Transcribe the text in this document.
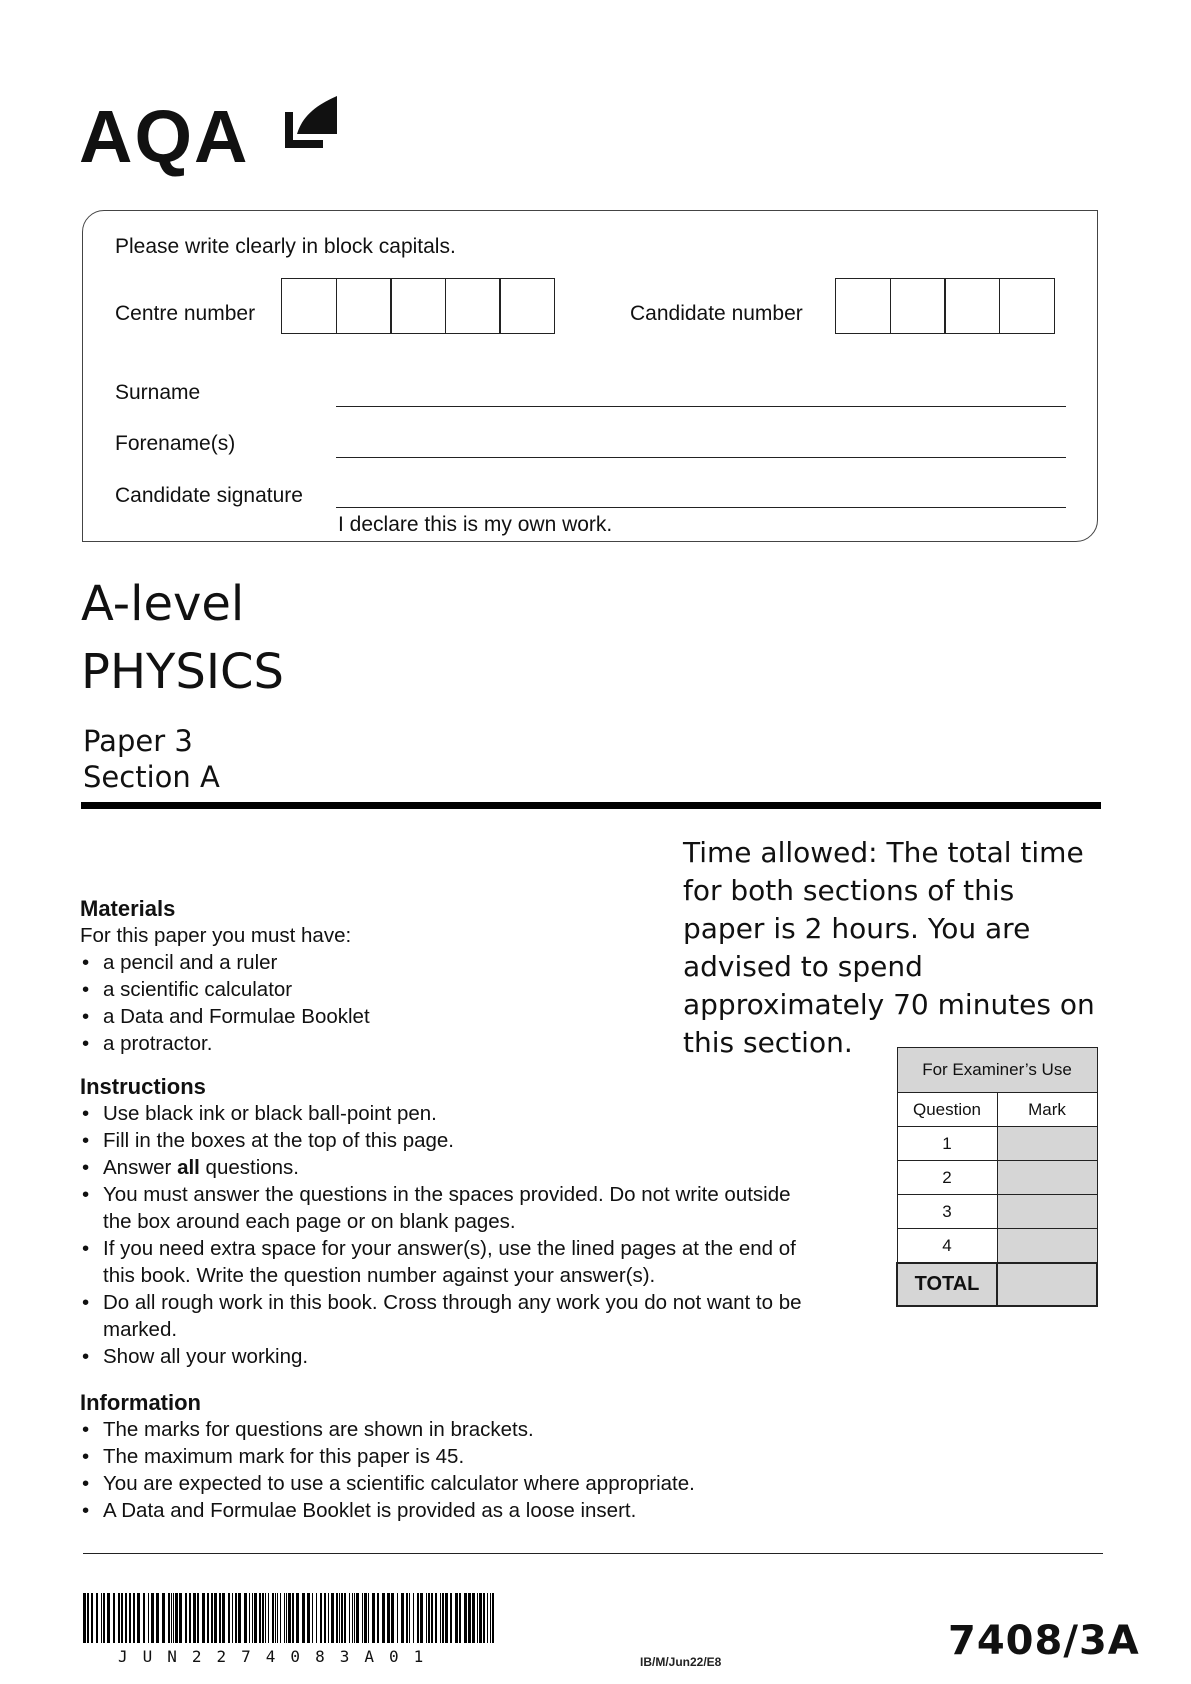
AQA
Please write clearly in block capitals.
Centre number	Candidate number
Surname
Forename(s)
Candidate signature
I declare this is my own work.
A-level
PHYSICS
Paper 3
Section A
Time allowed: The total time for both sections of this paper is 2 hours. You are advised to spend approximately 70 minutes on this section.
Materials
For this paper you must have:
• a pencil and a ruler
• a scientific calculator
• a Data and Formulae Booklet
• a protractor.
Instructions
• Use black ink or black ball-point pen.
• Fill in the boxes at the top of this page.
• Answer all questions.
• You must answer the questions in the spaces provided. Do not write outside the box around each page or on blank pages.
• If you need extra space for your answer(s), use the lined pages at the end of this book. Write the question number against your answer(s).
• Do all rough work in this book. Cross through any work you do not want to be marked.
• Show all your working.
Information
• The marks for questions are shown in brackets.
• The maximum mark for this paper is 45.
• You are expected to use a scientific calculator where appropriate.
• A Data and Formulae Booklet is provided as a loose insert.
For Examiner’s Use	
Question	Mark
1	
2	
3	
4	
TOTAL	
JUN2274083A01	IB/M/Jun22/E8	7408/3A
